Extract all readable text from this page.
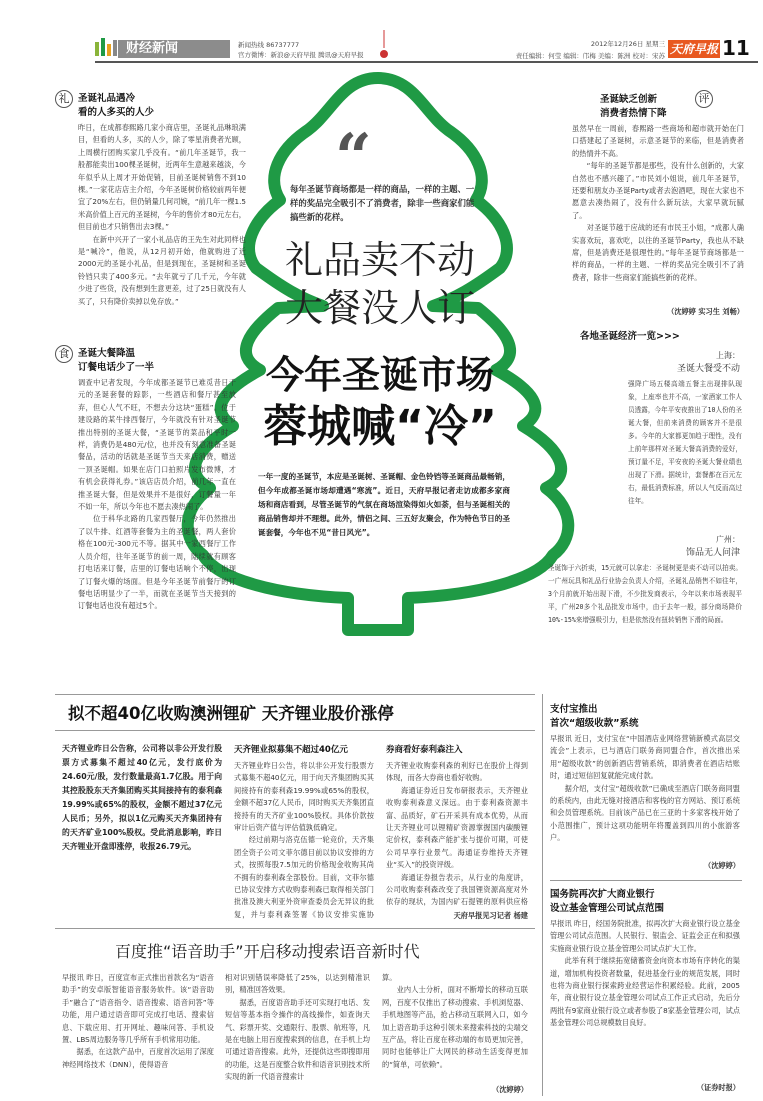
财经新闻	新闻热线 86737777
官方微博：新浪@天府早报 腾讯@天府早报
2012年12月26日 星期三
责任编辑：何莹 编辑：邝梅 美编：陈洲 校对：宋苏 天府早报 11
“
每年圣诞节商场都是一样的商品，一样的主题、一样的奖品完全吸引不了消费者，除非一些商家们能搞些新的花样。
礼品卖不动
大餐没人订
今年圣诞市场
蓉城喊“冷”
一年一度的圣诞节，本应是圣诞树、圣诞帽、金色铃铛等圣诞商品最畅销，但今年成都圣诞市场却遭遇“寒流”。近日，天府早报记者走访成都多家商场和商店看到，尽管圣诞节的气氛在商场渲染得如火如荼，但与圣诞相关的商品销售却并不理想。此外，情侣之间、三五好友聚会，作为特色节日的圣诞套餐，今年也不见“昔日风光”。
礼 圣诞礼品遇冷
看的人多买的人少
昨日，在成都春熙路几家小商店里，圣诞礼品琳琅满目，但看的人多，买的人少，除了零星消费者光顾，上周横行团购买家几乎没有。“前几年圣诞节，我一般都能卖出100棵圣诞树，近两年生意越来越淡，今年似乎从上周才开始促销，目前圣诞树销售不到10棵。”一家花店店主介绍，今年圣诞树价格较前两年便宜了20%左右，但仍销量几何司婉，“前几年一棵1.5米高价值上百元的圣诞树，今年的售价才80元左右，但目前也才只销售出去3棵。”
　　在新中兴开了一家小礼品店的王先生对此同样也是“喊冷”，他说，从12月初开始，他就购进了近2000元的圣诞小礼品，但是到现在，圣诞树和圣诞铃铛只卖了400多元。“去年就亏了几千元，今年就少进了些货，没有想到生意更差，过了25日就没有人买了，只有降价卖掉以免存放。”
食 圣诞大餐降温
订餐电话少了一半
调查中记者发现，今年成都圣诞节已难觅昔日千元的圣诞套餐的踪影，一些酒店和餐厅甚至放弃，但心人气不旺，不想去分这块“蛋糕”。位于建设路的某牛排西餐厅，今年就没有针对圣诞节推出特别的圣诞大餐，“圣诞节的菜品和平时一样，消费仍是480元/位，也并没有刻意准备圣诞餐品，活动的话就是圣诞节当天来店消费，赠送一顶圣诞帽。如果在店门口拍照片发布微博，才有机会获得礼券。”该店店员介绍，前几年一直在推圣诞大餐，但是效果并不是很好，订餐量一年不如一年，所以今年也不愿去凑热闹了。
　　位于科华北路的几家西餐厅，今年仍然推出了以牛排、红酒等套餐为主的圣诞餐，两人套价格在100元-300元不等。据其中一家西餐厅工作人员介绍，往年圣诞节的前一周，陆续就有顾客打电话来订餐，店里的订餐电话响个不停，出现了订餐火爆的场面。但是今年圣诞节前餐厅的订餐电话明显少了一半，而就在圣诞节当天接到的订餐电话也没有超过5个。
评
圣诞缺乏创新
消费者热情下降
虽然早在一周前，春熙路一些商场和超市就开始在门口搭建起了圣诞树，示意圣诞节的来临，但是消费者的热情并不高。
　　“每年的圣诞节都是那些，没有什么创新的，大家自然也不感兴趣了。”市民刘小姐说，前几年圣诞节，还要和朋友办圣诞Party或者去泡酒吧，现在大家也不愿意去凑热闹了，没有什么新玩法，大家早就玩腻了。
　　对圣诞节越于应战的还有市民王小姐，“成都人确实喜欢玩，喜欢吃，以往的圣诞节Party，我也从不缺席，但是消费还是很理性的。”每年圣诞节商场都是一样的商品，一样的主题、一样的奖品完全吸引不了消费者，除非一些商家们能搞些新的花样。
（沈婷婷 实习生 刘畅）
各地圣诞经济一览>>>
上海：
圣诞大餐受不动
强降广场五楼高端五餐主出现排队现象，上座率也并不高，一家酒家工作人员透露，今年平安夜推出了10人份的圣诞大餐，但前来消费的顾客并不是很多。今年的大家都更加趋于理性，没有上前年那样对圣诞大餐高消费的爱好，预订量不足，平安夜的圣诞大餐业绩也出现了下滑。据统计，套餐都在百元左右，最低消费标准，所以人气反而高过往年。
广州：
饰品无人问津
圣诞饰于六折卖，15元就可以拿走：圣诞树更是卖不动可以拍卖。一广州玩具和礼品行业协会负责人介绍，圣诞礼品销售不如往年，3个月前就开始出现下滑，不少批发商表示，今年以来市场表现平平，广州20多个礼品批发市场中，由于去年一般，部分商场降价10%-15%来增强吸引力，但是依然没有扭转销售下滑的局面。
拟不超40亿收购澳洲锂矿 天齐锂业股价涨停
天齐锂业昨日公告称，公司将以非公开发行股票方式募集不超过40亿元，发行底价为24.60元/股，发行数量最高1.7亿股。用于向其控股股东天齐集团购买其间接持有的泰利森19.99%或65%的股权，金额不超过37亿元人民币；另外，拟以1亿元购买天齐集团持有的天齐矿业100%股权。受此消息影响，昨日天齐锂业开盘即涨停，收报26.79元。
天齐锂业拟募集不超过40亿元
天齐锂业昨日公告，将以非公开发行股票方式募集不超40亿元，用于向天齐集团购买其间接持有的泰利森19.99%或65%的股权，金额不超37亿人民币，同时购买天齐集团直接持有的天齐矿业100%股权。具体价款按审计后资产值与评估值孰低确定。
　　经过前期与洛克伍德一轮竞价，天齐集团全资子公司文菲尔德目前以协议安排的方式，按照每股7.5加元的价格现金收购其尚不拥有的泰利森全部股份。目前，文菲尔德已协议安排方式收购泰利森已取得相关部门批准及澳大利亚外资审查委员会无异议的批复，并与泰利森签署《协议安排实施协
券商看好泰利森注入
天齐锂业收购泰利森的利好已在股价上得到体现，而各大券商也看好收购。
　　海通证券近日发布研报表示，天齐锂业收购泰利森意义深远。由于泰利森资源丰富、品质好，矿石开采具有成本优势，从而让天齐锂业可以锂精矿资源掌握国内碳酸锂定价权，泰利森产能扩张与提价可期，可使公司早享行业景气。海通证券维持天齐锂业“买入”的投资评级。
　　海通证券报告表示，从行业的角度讲，公司收购泰利森改变了我国锂资源高度对外依存的现状，为国内矿石提锂的原料供应格
天府早报见习记者 杨建
百度推“语音助手”开启移动搜索语音新时代
早报讯 昨日，百度宣布正式推出首款名为“语音助手”的安卓版智能语音服务软件。该“语音助手”融合了“语音指令、语音搜索、语音问答”等功能，用户通过语音即可完成打电话、搜索信息、下载应用、打开网址、趣味问答、手机设置、LBS周边服务等几乎所有手机常用功能。
　　据悉，在这款产品中，百度首次运用了深度神经网络技术（DNN），使得语音
相对识别错误率降低了25%，以达到精准识别，精准回答效果。
　　据悉，百度语音助手还可实现打电话、发短信等基本指令操作的高线操作，如查询天气、彩票开奖、交通限行、股票、航班等，凡是在电脑上用百度搜索到的信息，在手机上均可通过语音搜索。此外，还提供这些即搜即用的功能，这是百度整合软件和语音识别技术所实现的新一代语音搜索计
算。
　　业内人士分析，面对不断增长的移动互联网，百度不仅推出了移动搜索、手机浏览器、手机地图等产品，抢占移动互联网入口，如今加上语音助手这种引领未来搜索科技的尖端交互产品，将让百度在移动端的布局更加完善，同时也能够让广大网民的移动生活变得更加的“简单，可依赖”。
（沈婷婷）
支付宝推出
首次“超级收款”系统
早报讯 近日，支付宝在“中国酒店业网络营销新模式高层交流会”上表示，已与酒店门联务商同盟合作，首次推出采用“超级收款”的创新酒店营销系统，即消费者在酒店结账时，通过短信回复就能完成付款。
　　据介绍，支付宝“超级收款”已确成至酒店门联务商同盟的系统内，由此无缝对接酒店和客栈的官方网站、预订系统和会员管理系统。目前该产品已在三亚的十多家客栈开始了小范围推广，预计这项功能明年将覆盖到四川的小旅游客户。
（沈婷婷）
国务院再次扩大商业银行
设立基金管理公司试点范围
早报讯 昨日，经国务院批准，拟再次扩大商业银行设立基金管理公司试点范围。人民银行、银监会、证监会正在和拟强实施商业银行设立基金管理公司试点扩大工作。
　　此举有利于继续拓宽储蓄资金向资本市场有序转化的渠道，增加机构投资者数量，促进基金行业的规范发展，同时也将为商业银行探索跨业经营运作积累经验。此前，2005年，商业银行设立基金管理公司试点工作正式启动，先后分两批有9家商业银行设立或者参股了8家基金管理公司，试点基金管理公司总规模数目良好。
（证券时报）
